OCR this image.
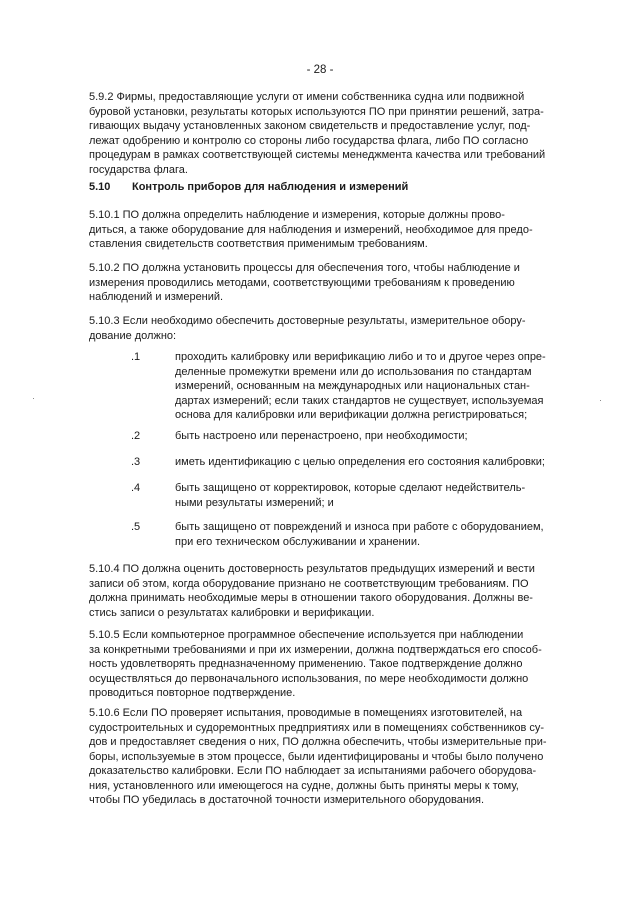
- 28 -
5.9.2 Фирмы, предоставляющие услуги от имени собственника судна или подвижной
буровой установки, результаты которых используются ПО при принятии решений, затра-
гивающих выдачу установленных законом свидетельств и предоставление услуг, под-
лежат одобрению и контролю со стороны либо государства флага, либо ПО согласно
процедурам в рамках соответствующей системы менеджмента качества или требований
государства флага.
5.10 Контроль приборов для наблюдения и измерений
5.10.1 ПО должна определить наблюдение и измерения, которые должны прово-
диться, а также оборудование для наблюдения и измерений, необходимое для предо-
ставления свидетельств соответствия применимым требованиям.
5.10.2 ПО должна установить процессы для обеспечения того, чтобы наблюдение и
измерения проводились методами, соответствующими требованиям к проведению
наблюдений и измерений.
5.10.3 Если необходимо обеспечить достоверные результаты, измерительное обору-
дование должно:
.1	проходить калибровку или верификацию либо и то и другое через опре-
деленные промежутки времени или до использования по стандартам
измерений, основанным на международных или национальных стан-
дартах измерений; если таких стандартов не существует, используемая
основа для калибровки или верификации должна регистрироваться;
.2	быть настроено или перенастроено, при необходимости;
.3	иметь идентификацию с целью определения его состояния калибровки;
.4	быть защищено от корректировок, которые сделают недействитель-
ными результаты измерений; и
.5	быть защищено от повреждений и износа при работе с оборудованием,
при его техническом обслуживании и хранении.
5.10.4 ПО должна оценить достоверность результатов предыдущих измерений и вести
записи об этом, когда оборудование признано не соответствующим требованиям. ПО
должна принимать необходимые меры в отношении такого оборудования. Должны ве-
стись записи о результатах калибровки и верификации.
5.10.5 Если компьютерное программное обеспечение используется при наблюдении
за конкретными требованиями и при их измерении, должна подтверждаться его способ-
ность удовлетворять предназначенному применению. Такое подтверждение должно
осуществляться до первоначального использования, по мере необходимости должно
проводиться повторное подтверждение.
5.10.6 Если ПО проверяет испытания, проводимые в помещениях изготовителей, на
судостроительных и судоремонтных предприятиях или в помещениях собственников су-
дов и предоставляет сведения о них, ПО должна обеспечить, чтобы измерительные при-
боры, используемые в этом процессе, были идентифицированы и чтобы было получено
доказательство калибровки. Если ПО наблюдает за испытаниями рабочего оборудова-
ния, установленного или имеющегося на судне, должны быть приняты меры к тому,
чтобы ПО убедилась в достаточной точности измерительного оборудования.
